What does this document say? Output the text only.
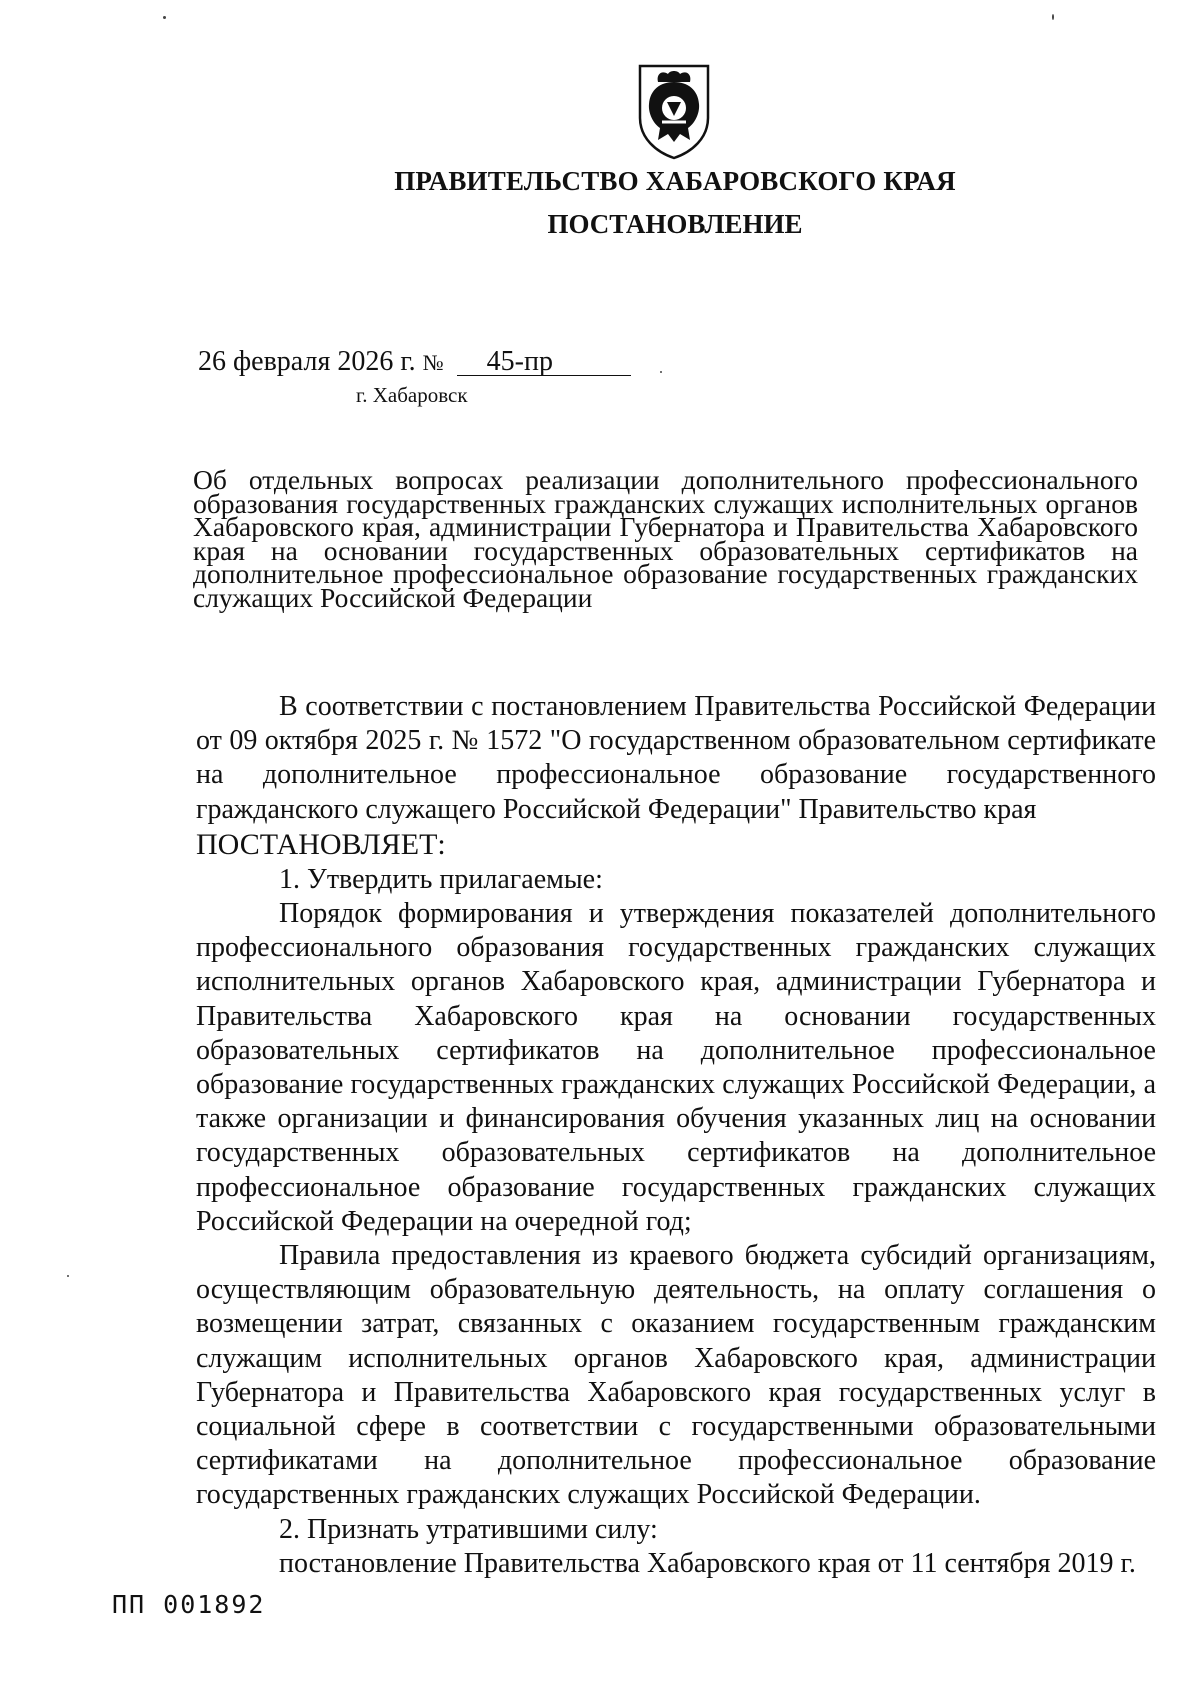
ПРАВИТЕЛЬСТВО ХАБАРОВСКОГО КРАЯ
ПОСТАНОВЛЕНИЕ
26 февраля 2026 г. № 45-пр
г. Хабаровск
Об отдельных вопросах реализации дополнительного профессионального образования государственных гражданских служащих исполнительных органов Хабаровского края, администрации Губернатора и Правительства Хабаровского края на основании государственных образовательных сертификатов на дополнительное профессиональное образование государственных гражданских служащих Российской Федерации

В соответствии с постановлением Правительства Российской Федерации от 09 октября 2025 г. № 1572 "О государственном образовательном сертификате на дополнительное профессиональное образование государственного гражданского служащего Российской Федерации" Правительство края

ПОСТАНОВЛЯЕТ:

1. Утвердить прилагаемые:

Порядок формирования и утверждения показателей дополнительного профессионального образования государственных гражданских служащих исполнительных органов Хабаровского края, администрации Губернатора и Правительства Хабаровского края на основании государственных образовательных сертификатов на дополнительное профессиональное образование государственных гражданских служащих Российской Федерации, а также организации и финансирования обучения указанных лиц на основании государственных образовательных сертификатов на дополнительное профессиональное образование государственных гражданских служащих Российской Федерации на очередной год;

Правила предоставления из краевого бюджета субсидий организациям, осуществляющим образовательную деятельность, на оплату соглашения о возмещении затрат, связанных с оказанием государственным гражданским служащим исполнительных органов Хабаровского края, администрации Губернатора и Правительства Хабаровского края государственных услуг в социальной сфере в соответствии с государственными образовательными сертификатами на дополнительное профессиональное образование государственных гражданских служащих Российской Федерации.

2. Признать утратившими силу:

постановление Правительства Хабаровского края от 11 сентября 2019 г.

ПП 001892
